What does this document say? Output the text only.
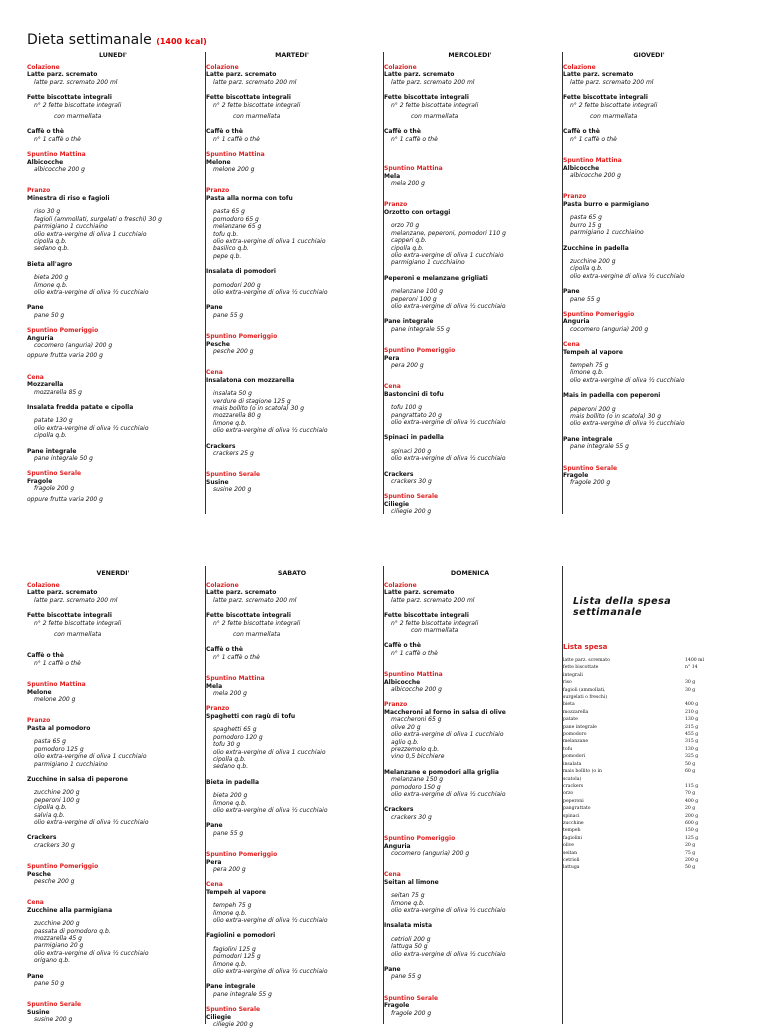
Dieta settimanale (1400 kcal)
LUNEDI'
Colazione
Latte parz. scremato
latte parz. scremato 200 ml
Fette biscottate integrali
n° 2 fette biscottate integrali
con marmellata
Caffè o thè
n° 1 caffè o thè
Spuntino Mattina
Albicocche
albicocche 200 g
Pranzo
Minestra di riso e fagioli
riso 30 g
fagioli (ammollati, surgelati o freschi) 30 g
parmigiano 1 cucchiaino
olio extra-vergine di oliva 1 cucchiaio
cipolla q.b.
sedano q.b.
Bieta all'agro
bieta 200 g
limone q.b.
olio extra-vergine di oliva ½ cucchiaio
Pane
pane 50 g
Spuntino Pomeriggio
Anguria
cocomero (anguria) 200 g
oppure frutta varia 200 g
Cena
Mozzarella
mozzarella 85 g
Insalata fredda patate e cipolla
patate 130 g
olio extra-vergine di oliva ½ cucchiaio
cipolla q.b.
Pane integrale
pane integrale 50 g
Spuntino Serale
Fragole
fragole 200 g
oppure frutta varia 200 g
MARTEDI'
Colazione
Latte parz. scremato
latte parz. scremato 200 ml
Fette biscottate integrali
n° 2 fette biscottate integrali
con marmellata
Caffè o thè
n° 1 caffè o thè
Spuntino Mattina
Melone
melone 200 g
Pranzo
Pasta alla norma con tofu
pasta 65 g
pomodoro 65 g
melanzane 65 g
tofu q.b.
olio extra-vergine di oliva 1 cucchiaio
basilico q.b.
pepe q.b.
Insalata di pomodori
pomodori 200 g
olio extra-vergine di oliva ½ cucchiaio
Pane
pane 55 g
Spuntino Pomeriggio
Pesche
pesche 200 g
Cena
Insalatona con mozzarella
insalata 50 g
verdure di stagione 125 g
mais bollito (o in scatola) 30 g
mozzarella 80 g
limone q.b.
olio extra-vergine di oliva ½ cucchiaio
Crackers
crackers 25 g
Spuntino Serale
Susine
susine 200 g
MERCOLEDI'
Colazione
Latte parz. scremato
latte parz. scremato 200 ml
Fette biscottate integrali
n° 2 fette biscottate integrali
con marmellata
Caffè o thè
n° 1 caffè o thè
Spuntino Mattina
Mela
mela 200 g
Pranzo
Orzotto con ortaggi
orzo 70 g
melanzane, peperoni, pomodori 110 g
capperi q.b.
cipolla q.b.
olio extra-vergine di oliva 1 cucchiaio
parmigiano 1 cucchiaino
Peperoni e melanzane grigliati
melanzane 100 g
peperoni 100 g
olio extra-vergine di oliva ½ cucchiaio
Pane integrale
pane integrale 55 g
Spuntino Pomeriggio
Pera
pera 200 g
Cena
Bastoncini di tofu
tofu 100 g
pangrattato 20 g
olio extra-vergine di oliva ½ cucchiaio
Spinaci in padella
spinaci 200 g
olio extra-vergine di oliva ½ cucchiaio
Crackers
crackers 30 g
Spuntino Serale
Ciliegie
ciliegie 200 g
GIOVEDI'
Colazione
Latte parz. scremato
latte parz. scremato 200 ml
Fette biscottate integrali
n° 2 fette biscottate integrali
con marmellata
Caffè o thè
n° 1 caffè o thè
Spuntino Mattina
Albicocche
albicocche 200 g
Pranzo
Pasta burro e parmigiano
pasta 65 g
burro 15 g
parmigiano 1 cucchiaino
Zucchine in padella
zucchine 200 g
cipolla q.b.
olio extra-vergine di oliva ½ cucchiaio
Pane
pane 55 g
Spuntino Pomeriggio
Anguria
cocomero (anguria) 200 g
Cena
Tempeh al vapore
tempeh 75 g
limone q.b.
olio extra-vergine di oliva ½ cucchiaio
Mais in padella con peperoni
peperoni 200 g
mais bollito (o in scatola) 30 g
olio extra-vergine di oliva ½ cucchiaio
Pane integrale
pane integrale 55 g
Spuntino Serale
Fragole
fragole 200 g
VENERDI'
Colazione
Latte parz. scremato
latte parz. scremato 200 ml
Fette biscottate integrali
n° 2 fette biscottate integrali
con marmellata
Caffè o thè
n° 1 caffè o thè
Spuntino Mattina
Melone
melone 200 g
Pranzo
Pasta al pomodoro
pasta 65 g
pomodoro 125 g
olio extra-vergine di oliva 1 cucchiaio
parmigiano 1 cucchiaino
Zucchine in salsa di peperone
zucchine 200 g
peperoni 100 g
cipolla q.b.
salvia q.b.
olio extra-vergine di oliva ½ cucchiaio
Crackers
crackers 30 g
Spuntino Pomeriggio
Pesche
pesche 200 g
Cena
Zucchine alla parmigiana
zucchine 200 g
passata di pomodoro q.b.
mozzarella 45 g
parmigiano 20 g
olio extra-vergine di oliva ½ cucchiaio
origano q.b.
Pane
pane 50 g
Spuntino Serale
Susine
susine 200 g
SABATO
Colazione
Latte parz. scremato
latte parz. scremato 200 ml
Fette biscottate integrali
n° 2 fette biscottate integrali
con marmellata
Caffè o thè
n° 1 caffè o thè
Spuntino Mattina
Mela
mela 200 g
Pranzo
Spaghetti con ragù di tofu
spaghetti 65 g
pomodoro 120 g
tofu 30 g
olio extra-vergine di oliva 1 cucchiaio
cipolla q.b.
sedano q.b.
Bieta in padella
bieta 200 g
limone q.b.
olio extra-vergine di oliva ½ cucchiaio
Pane
pane 55 g
Spuntino Pomeriggio
Pera
pera 200 g
Cena
Tempeh al vapore
tempeh 75 g
limone q.b.
olio extra-vergine di oliva ½ cucchiaio
Fagiolini e pomodori
fagiolini 125 g
pomodori 125 g
limone q.b.
olio extra-vergine di oliva ½ cucchiaio
Pane integrale
pane integrale 55 g
Spuntino Serale
Ciliegie
ciliegie 200 g
DOMENICA
Colazione
Latte parz. scremato
latte parz. scremato 200 ml
Fette biscottate integrali
n° 2 fette biscottate integrali
con marmellata
Caffè o thè
n° 1 caffè o thè
Spuntino Mattina
Albicocche
albicocche 200 g
Pranzo
Maccheroni al forno in salsa di olive
maccheroni 65 g
olive 20 g
olio extra-vergine di oliva 1 cucchiaio
aglio q.b.
prezzemolo q.b.
vino 0,5 bicchiere
Melanzane e pomodori alla griglia
melanzane 150 g
pomodoro 150 g
olio extra-vergine di oliva ½ cucchiaio
Crackers
crackers 30 g
Spuntino Pomeriggio
Anguria
cocomero (anguria) 200 g
Cena
Seitan al limone
seitan 75 g
limone q.b.
olio extra-vergine di oliva ½ cucchiaio
Insalata mista
cetrioli 200 g
lattuga 50 g
olio extra-vergine di oliva ½ cucchiaio
Pane
pane 55 g
Spuntino Serale
Fragole
fragole 200 g
Lista della spesa settimanale
Lista spesa
latte parz. scremato	1400 ml
fette biscottate integrali	n° 14
riso	30 g
fagioli (ammollati, surgelati o freschi)	30 g
bieta	400 g
mozzarella	210 g
patate	130 g
pane integrale	215 g
pomodoro	455 g
melanzane	315 g
tofu	130 g
pomodori	325 g
insalata	50 g
mais bollito (o in scatola)	60 g
crackers	115 g
orzo	70 g
peperoni	400 g
pangrattato	20 g
spinaci	200 g
zucchine	600 g
tempeh	150 g
fagiolini	125 g
olive	20 g
seitan	75 g
cetrioli	200 g
lattuga	50 g
